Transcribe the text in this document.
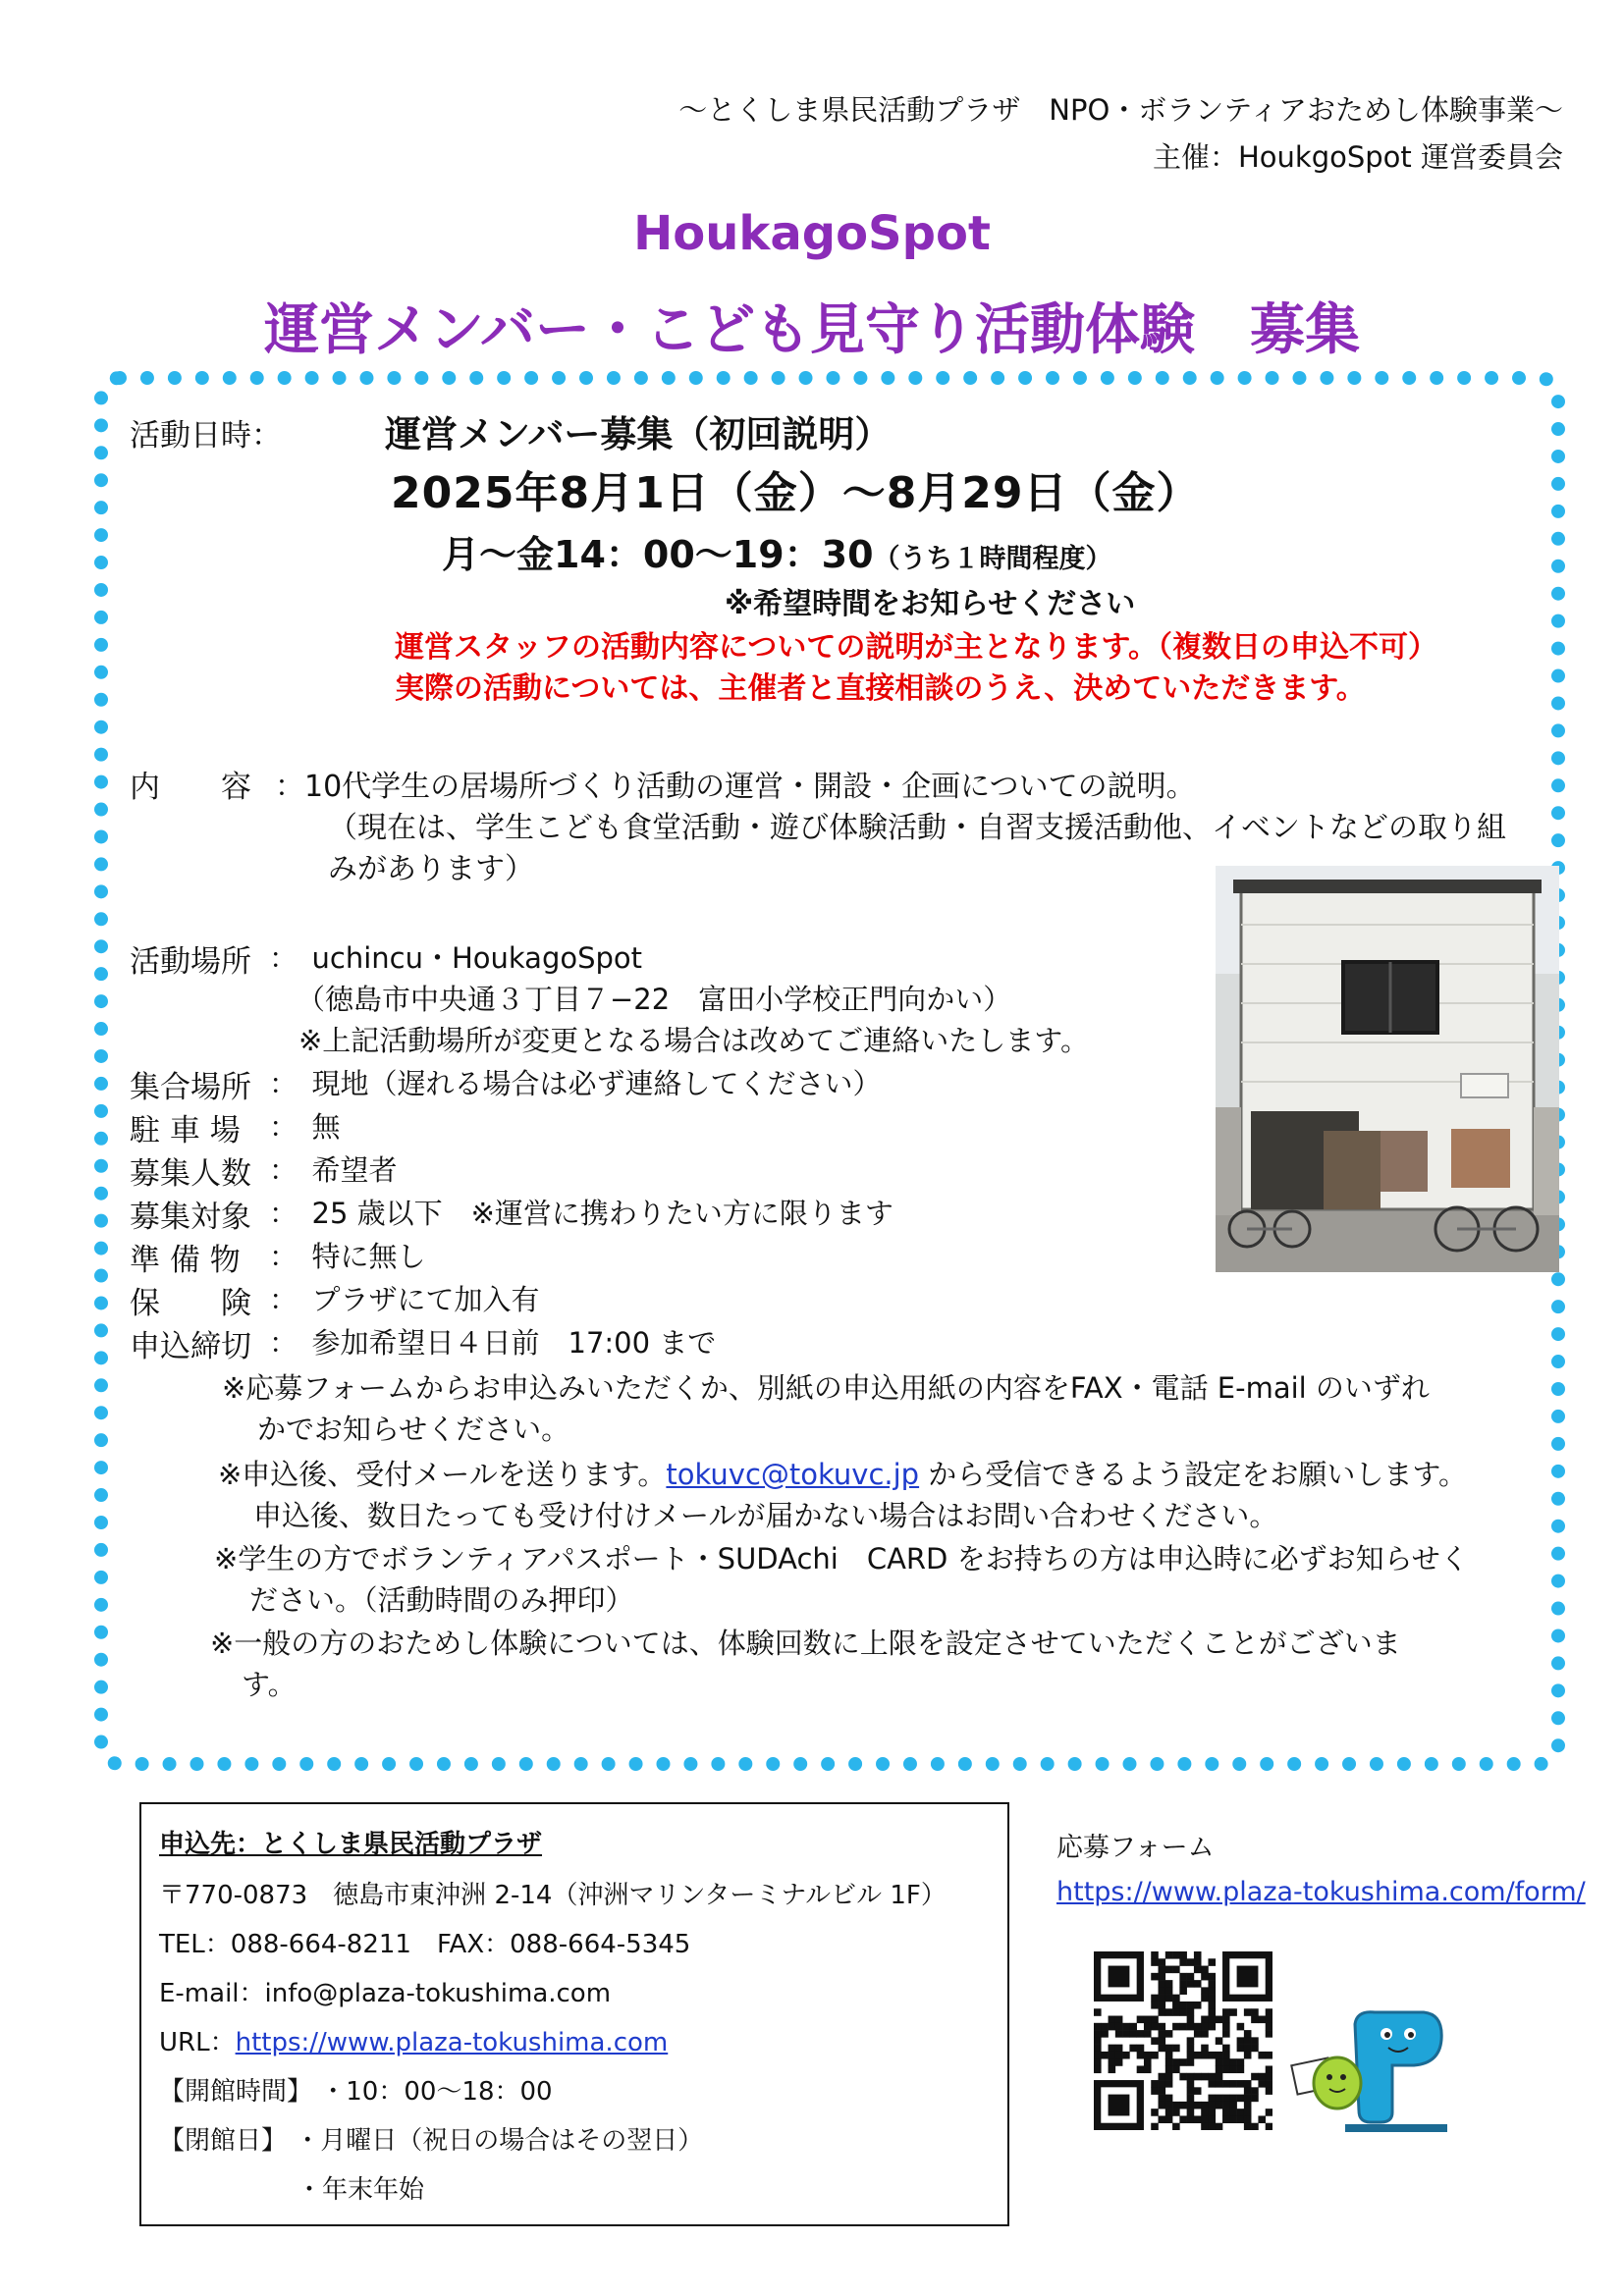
～とくしま県民活動プラザ　NPO・ボランティアおためし体験事業～
主催：HoukgoSpot 運営委員会
HoukagoSpot
運営メンバー・こども見守り活動体験　募集
活動日時：	運営メンバー募集（初回説明）
2025年8月1日（金）～8月29日（金）
月～金14：00～19：30（うち１時間程度）
※希望時間をお知らせください
運営スタッフの活動内容についての説明が主となります。（複数日の申込不可）
実際の活動については、主催者と直接相談のうえ、決めていただきます。
内　　容 ：10代学生の居場所づくり活動の運営・開設・企画についての説明。
（現在は、学生こども食堂活動・遊び体験活動・自習支援活動他、イベントなどの取り組
みがあります）
活動場所 ：　uchincu・HoukagoSpot
（徳島市中央通３丁目７−22　富田小学校正門向かい）
※上記活動場所が変更となる場合は改めてご連絡いたします。
集合場所 ：　現地（遅れる場合は必ず連絡してください）
駐 車 場 ：　無
募集人数 ：　希望者
募集対象 ：　25 歳以下　※運営に携わりたい方に限ります
準 備 物 ：　特に無し
保　　険 ：　プラザにて加入有
申込締切 ：　参加希望日４日前　17:00 まで
※応募フォームからお申込みいただくか、別紙の申込用紙の内容をFAX・電話 E-mail のいずれ
かでお知らせください。
※申込後、受付メールを送ります。tokuvc@tokuvc.jp から受信できるよう設定をお願いします。
申込後、数日たっても受け付けメールが届かない場合はお問い合わせください。
※学生の方でボランティアパスポート・SUDAchi　CARD をお持ちの方は申込時に必ずお知らせく
ださい。（活動時間のみ押印）
※一般の方のおためし体験については、体験回数に上限を設定させていただくことがございま
す。
申込先：とくしま県民活動プラザ
〒770-0873　徳島市東沖洲 2-14（沖洲マリンターミナルビル 1F）
TEL：088-664-8211　FAX：088-664-5345
E-mail：info@plaza-tokushima.com
URL：https://www.plaza-tokushima.com
【開館時間】 ・10：00～18：00
【閉館日】 ・月曜日（祝日の場合はその翌日）
・年末年始
応募フォーム
https://www.plaza-tokushima.com/form/
